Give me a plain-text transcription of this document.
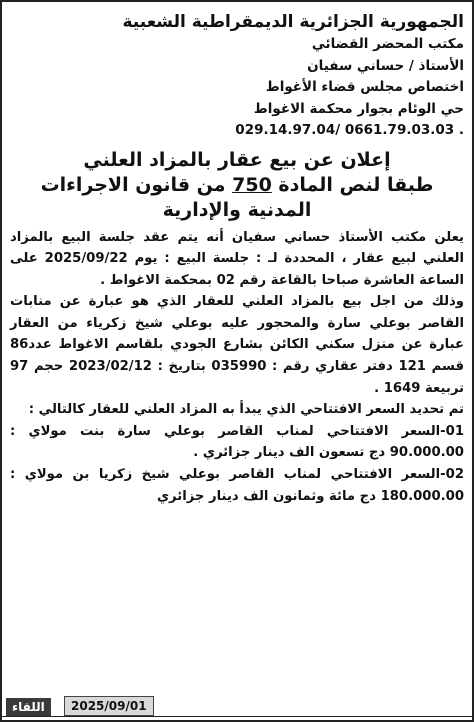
الجمهورية الجزائرية الديمقراطية الشعبية
مكتب المحضر القضائي
الأستاذ / حساني سفيان
اختصاص مجلس قضاء الأغواط
حي الوئام بجوار محكمة الاغواط
029.14.97.04/ 0661.79.03.03 .
إعلان عن بيع عقار بالمزاد العلني
طبقا لنص المادة 750 من قانون الاجراءات
المدنية والإدارية

يعلن مكتب الأستاذ حساني سفيان أنه يتم عقد جلسة البيع بالمزاد العلني لبيع عقار ، المحددة لـ : جلسة البيع : يوم 2025/09/22 على الساعة العاشرة صباحا بالقاعة رقم 02 بمحكمة الاغواط .

وذلك من اجل بيع بالمزاد العلني للعقار الذي هو عبارة عن منابات القاصر بوعلي سارة والمحجور عليه بوعلي شيخ زكرياء من العقار عبارة عن منزل سكني الكائن بشارع الجودي بلقاسم الاغواط عدد86 قسم 121 دفتر عقاري رقم : 035990 بتاريخ : 2023/02/12 حجم 97 تربيعة 1649 .

تم تحديد السعر الافتتاحي الذي يبدأ به المزاد العلني للعقار كالتالي :

01-السعر الافتتاحي لمناب القاصر بوعلي سارة بنت مولاي : 90.000.00 دج تسعون الف دينار جزائري .

02-السعر الافتتاحي لمناب القاصر بوعلي شيخ زكريا بن مولاي : 180.000.00 دج مائة وثمانون الف دينار جزائري

اللقاء	2025/09/01
